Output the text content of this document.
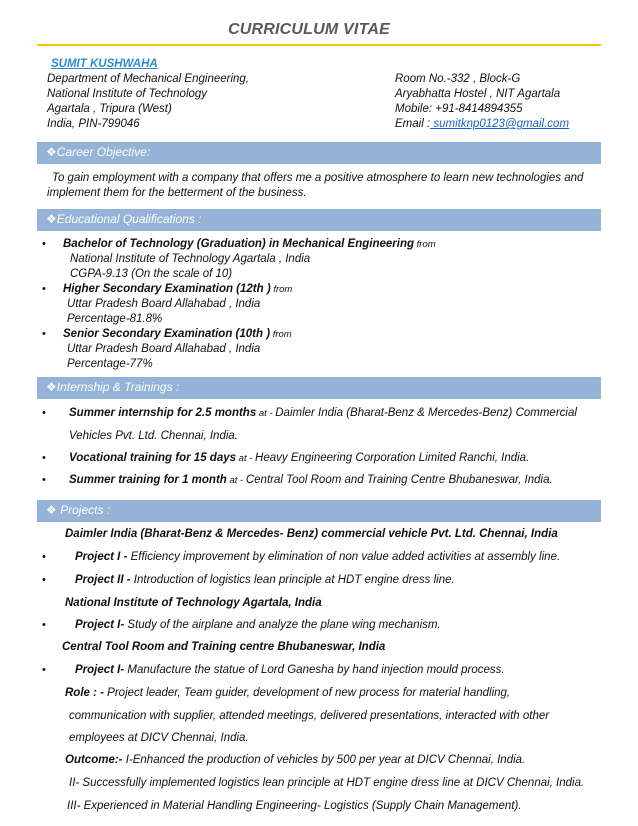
CURRICULUM VITAE
SUMIT KUSHWAHA
Department of Mechanical Engineering,
National Institute of Technology
Agartala , Tripura (West)
India, PIN-799046
Room No.-332 , Block-G
Aryabhatta Hostel , NIT Agartala
Mobile: +91-8414894355
Email : sumitknp0123@gmail.com
❖Career Objective:
To gain employment with a company that offers me a positive atmosphere to learn new technologies and
implement them for the betterment of the business.
❖Educational Qualifications :
• Bachelor of Technology (Graduation) in Mechanical Engineering from
National Institute of Technology Agartala , India
CGPA-9.13 (On the scale of 10)
• Higher Secondary Examination (12th ) from
Uttar Pradesh Board Allahabad , India
Percentage-81.8%
• Senior Secondary Examination (10th ) from
Uttar Pradesh Board Allahabad , India
Percentage-77%
❖Internship & Trainings :
• Summer internship for 2.5 months at - Daimler India (Bharat-Benz & Mercedes-Benz) Commercial
Vehicles Pvt. Ltd. Chennai, India.
• Vocational training for 15 days at - Heavy Engineering Corporation Limited Ranchi, India.
• Summer training for 1 month at - Central Tool Room and Training Centre Bhubaneswar, India.
❖ Projects :
Daimler India (Bharat-Benz & Mercedes- Benz) commercial vehicle Pvt. Ltd. Chennai, India
•	Project I - Efficiency improvement by elimination of non value added activities at assembly line.
•	Project II - Introduction of logistics lean principle at HDT engine dress line.
National Institute of Technology Agartala, India
•	Project I- Study of the airplane and analyze the plane wing mechanism.
Central Tool Room and Training centre Bhubaneswar, India
•	Project I- Manufacture the statue of Lord Ganesha by hand injection mould process.
Role : - Project leader, Team guider, development of new process for material handling,
communication with supplier, attended meetings, delivered presentations, interacted with other
employees at DICV Chennai, India.
Outcome:- I-Enhanced the production of vehicles by 500 per year at DICV Chennai, India.
II- Successfully implemented logistics lean principle at HDT engine dress line at DICV Chennai, India.
III- Experienced in Material Handling Engineering- Logistics (Supply Chain Management).
